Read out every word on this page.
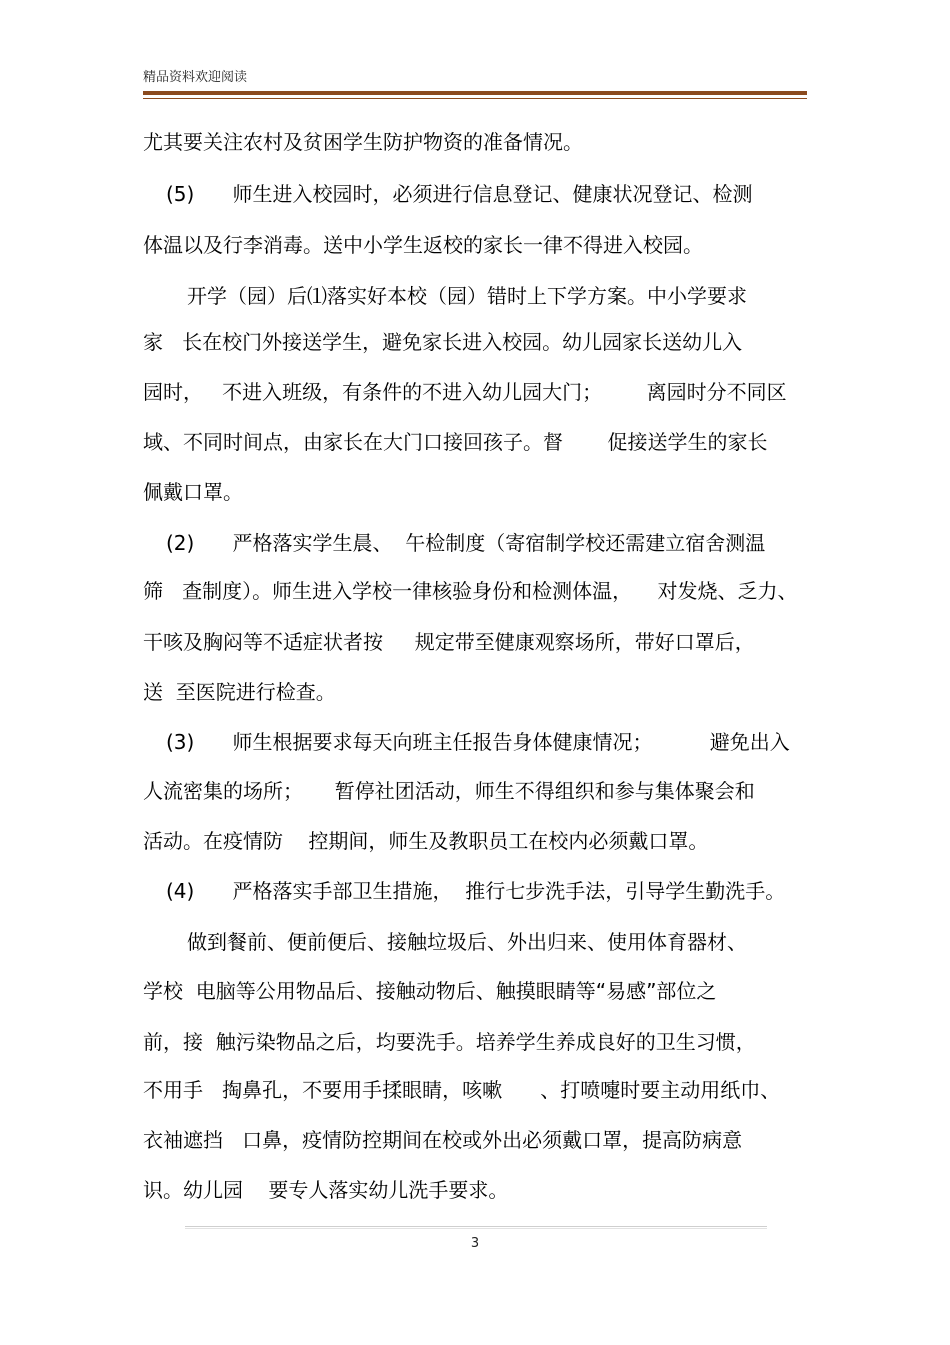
精品资料欢迎阅读
尤其要关注农村及贫困学生防护物资的准备情况。
(5)      师生进入校园时，必须进行信息登记、健康状况登记、检测
体温以及行李消毒。送中小学生返校的家长一律不得进入校园。
开学（园）后⑴落实好本校（园）错时上下学方案。中小学要求
家   长在校门外接送学生，避免家长进入校园。幼儿园家长送幼儿入
园时，   不进入班级，有条件的不进入幼儿园大门；       离园时分不同区
域、不同时间点，由家长在大门口接回孩子。督       促接送学生的家长
佩戴口罩。
(2)      严格落实学生晨、  午检制度（寄宿制学校还需建立宿舍测温
筛   查制度）。师生进入学校一律核验身份和检测体温，    对发烧、乏力、
干咳及胸闷等不适症状者按     规定带至健康观察场所，带好口罩后，
送  至医院进行检查。
(3)      师生根据要求每天向班主任报告身体健康情况；         避免出入
人流密集的场所；     暂停社团活动，师生不得组织和参与集体聚会和
活动。在疫情防    控期间，师生及教职员工在校内必须戴口罩。
(4)      严格落实手部卫生措施，  推行七步洗手法，引导学生勤洗手。
做到餐前、便前便后、接触垃圾后、外出归来、使用体育器材、
学校  电脑等公用物品后、接触动物后、触摸眼睛等“易感”部位之
前，接  触污染物品之后，均要洗手。培养学生养成良好的卫生习惯，
不用手   掏鼻孔，不要用手揉眼睛，咳嗽      、打喷嚏时要主动用纸巾、
衣袖遮挡   口鼻，疫情防控期间在校或外出必须戴口罩，提高防病意
识。幼儿园    要专人落实幼儿洗手要求。
3
